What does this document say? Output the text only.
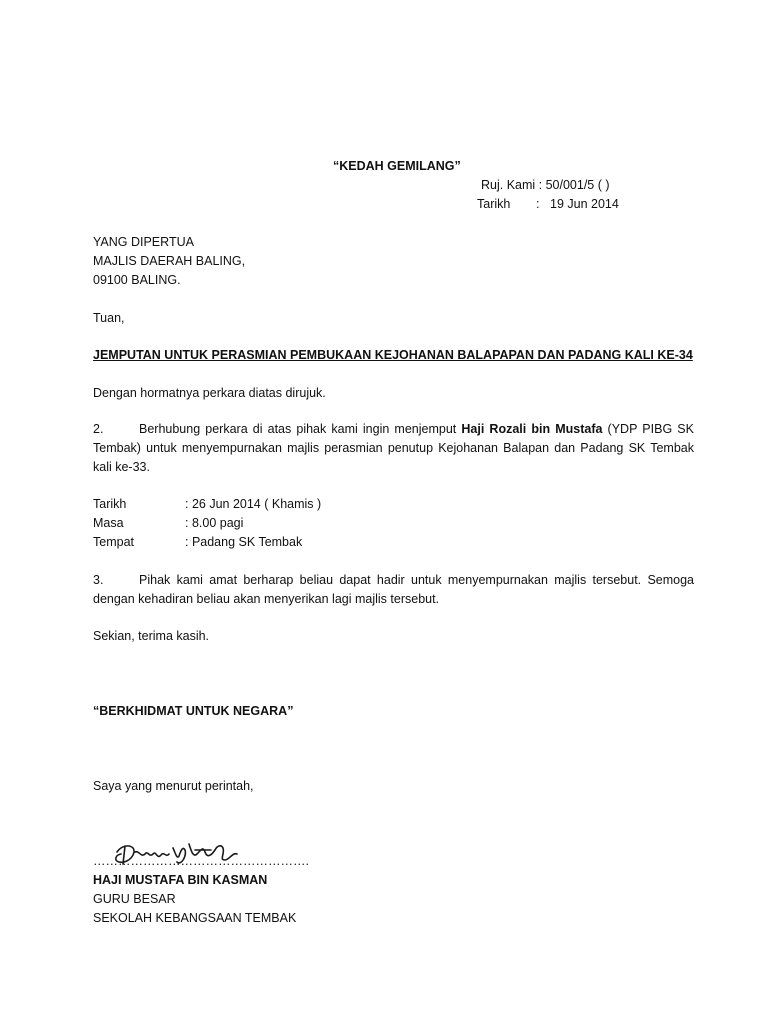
“KEDAH GEMILANG”
Ruj. Kami : 50/001/5 ( )
Tarikh	: 19 Jun 2014
YANG DIPERTUA
MAJLIS DAERAH BALING,
09100 BALING.
Tuan,
JEMPUTAN UNTUK PERASMIAN PEMBUKAAN KEJOHANAN BALAPAPAN DAN PADANG KALI KE-34
Dengan hormatnya perkara diatas dirujuk.
2.	Berhubung perkara di atas pihak kami ingin menjemput Haji Rozali bin Mustafa (YDP PIBG SK Tembak) untuk menyempurnakan majlis perasmian penutup Kejohanan Balapan dan Padang SK Tembak kali ke-33.
Tarikh	: 26 Jun 2014 ( Khamis )
Masa	: 8.00 pagi
Tempat	: Padang SK Tembak
3.	Pihak kami amat berharap beliau dapat hadir untuk menyempurnakan majlis tersebut. Semoga dengan kehadiran beliau akan menyerikan lagi majlis tersebut.
Sekian, terima kasih.
“BERKHIDMAT UNTUK NEGARA”
Saya yang menurut perintah,
…………………………………………….
HAJI MUSTAFA BIN KASMAN
GURU BESAR
SEKOLAH KEBANGSAAN TEMBAK
